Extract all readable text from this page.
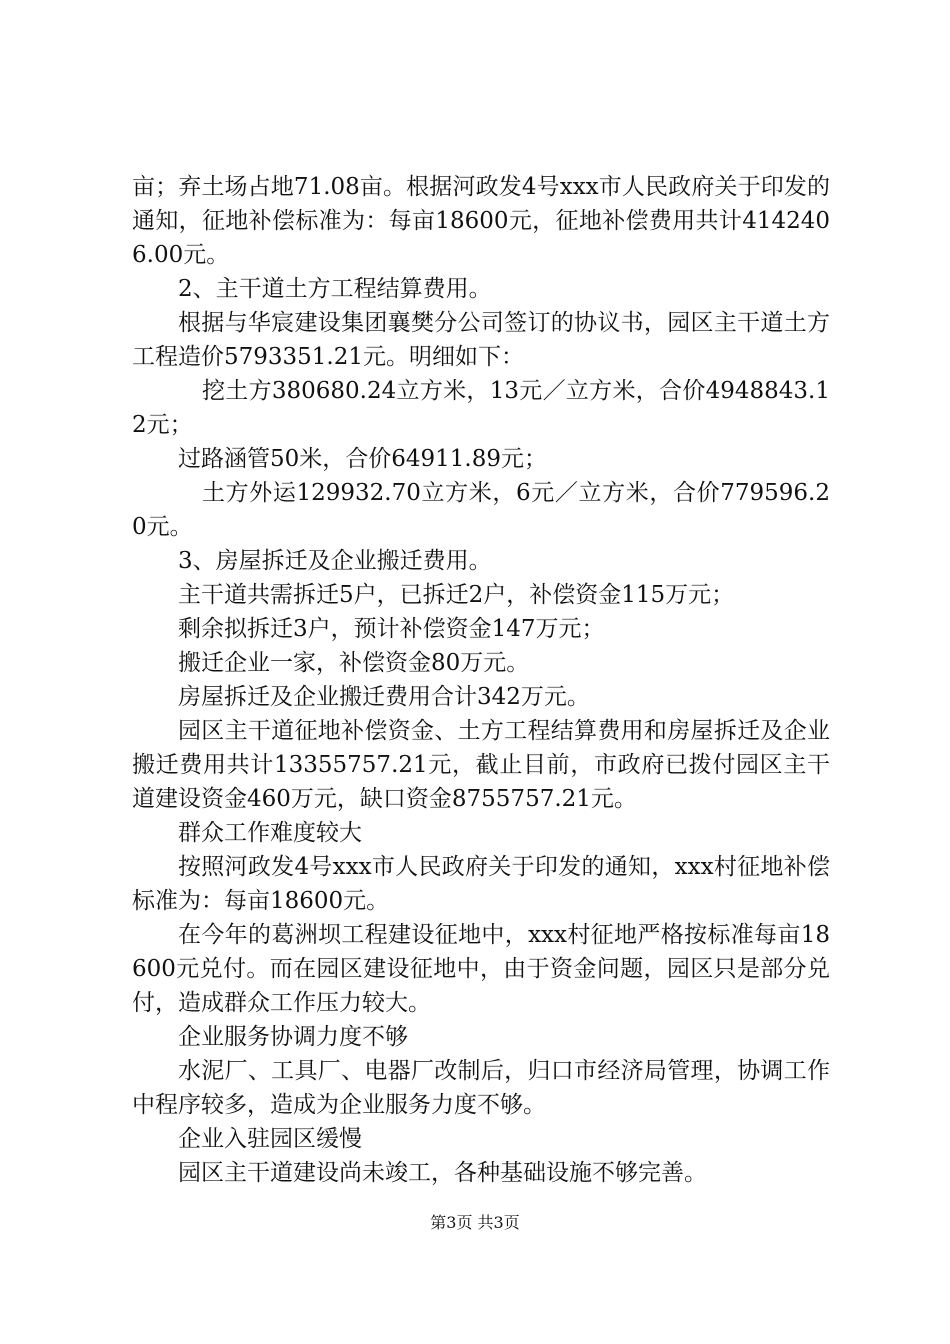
亩；弃土场占地71.08亩。根据河政发4号xxx市人民政府关于印发的通知，征地补偿标准为：每亩18600元，征地补偿费用共计4142406.00元。

2、主干道土方工程结算费用。

根据与华宸建设集团襄樊分公司签订的协议书，园区主干道土方工程造价5793351.21元。明细如下：

挖土方380680.24立方米，13元／立方米，合价4948843.12元；

过路涵管50米，合价64911.89元；

土方外运129932.70立方米，6元／立方米，合价779596.20元。

3、房屋拆迁及企业搬迁费用。

主干道共需拆迁5户，已拆迁2户，补偿资金115万元；

剩余拟拆迁3户，预计补偿资金147万元；

搬迁企业一家，补偿资金80万元。

房屋拆迁及企业搬迁费用合计342万元。

园区主干道征地补偿资金、土方工程结算费用和房屋拆迁及企业搬迁费用共计13355757.21元，截止目前，市政府已拨付园区主干道建设资金460万元，缺口资金8755757.21元。

群众工作难度较大

按照河政发4号xxx市人民政府关于印发的通知，xxx村征地补偿标准为：每亩18600元。

在今年的葛洲坝工程建设征地中，xxx村征地严格按标准每亩18600元兑付。而在园区建设征地中，由于资金问题，园区只是部分兑付，造成群众工作压力较大。

企业服务协调力度不够

水泥厂、工具厂、电器厂改制后，归口市经济局管理，协调工作中程序较多，造成为企业服务力度不够。

企业入驻园区缓慢

园区主干道建设尚未竣工，各种基础设施不够完善。

第3页 共3页
